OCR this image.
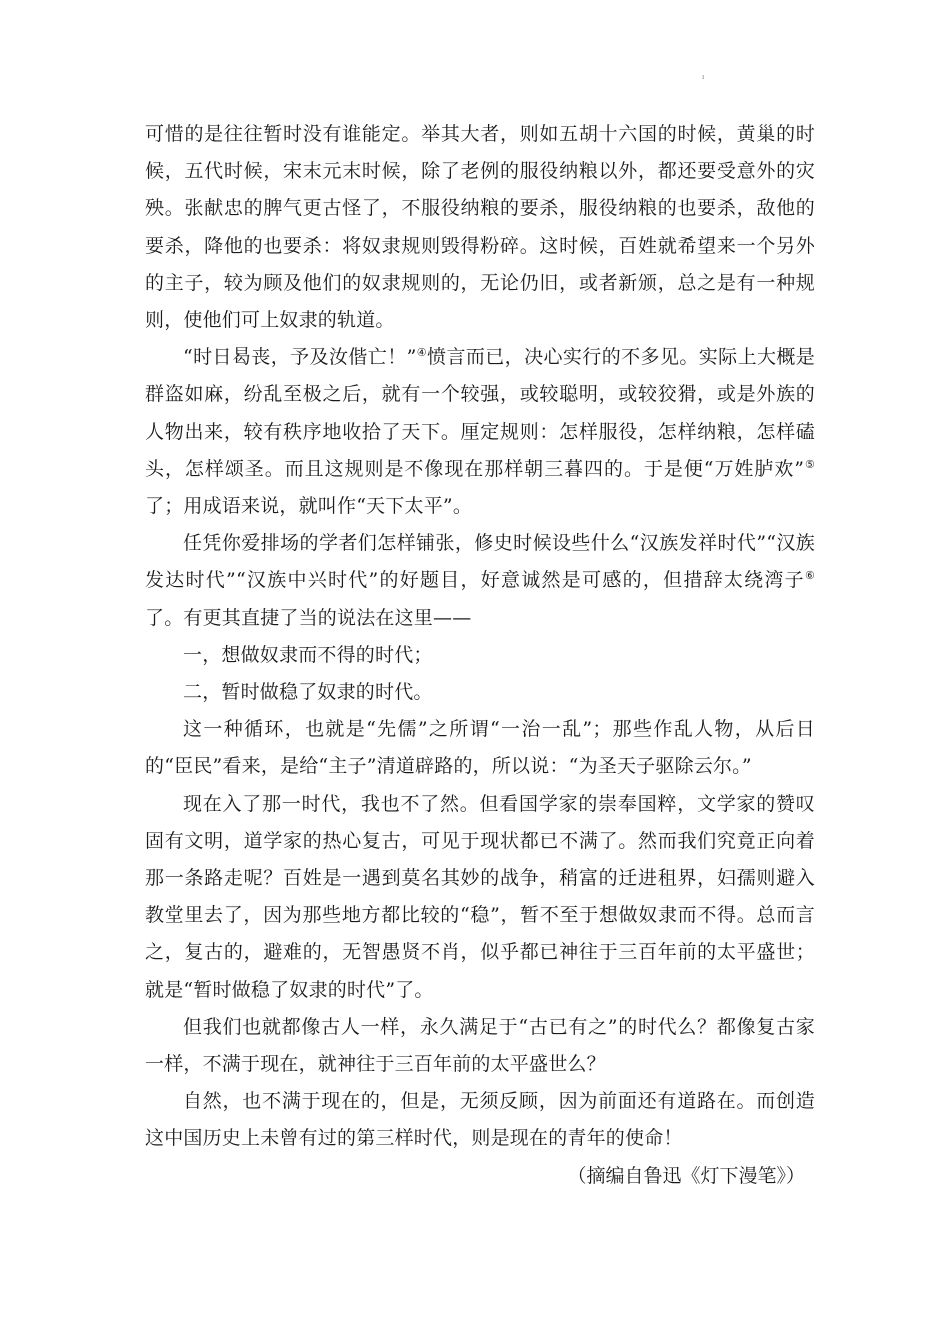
ı

可惜的是往往暂时没有谁能定。举其大者，则如五胡十六国的时候，黄巢的时候，五代时候，宋末元末时候，除了老例的服役纳粮以外，都还要受意外的灾殃。张献忠的脾气更古怪了，不服役纳粮的要杀，服役纳粮的也要杀，敌他的要杀，降他的也要杀：将奴隶规则毁得粉碎。这时候，百姓就希望来一个另外的主子，较为顾及他们的奴隶规则的，无论仍旧，或者新颁，总之是有一种规则，使他们可上奴隶的轨道。

“时日曷丧，予及汝偕亡！”④愤言而已，决心实行的不多见。实际上大概是群盗如麻，纷乱至极之后，就有一个较强，或较聪明，或较狡猾，或是外族的人物出来，较有秩序地收拾了天下。厘定规则：怎样服役，怎样纳粮，怎样磕头，怎样颂圣。而且这规则是不像现在那样朝三暮四的。于是便“万姓胪欢”⑤了；用成语来说，就叫作“天下太平”。

任凭你爱排场的学者们怎样铺张，修史时候设些什么“汉族发祥时代”“汉族发达时代”“汉族中兴时代”的好题目，好意诚然是可感的，但措辞太绕湾子⑥了。有更其直捷了当的说法在这里——

一，想做奴隶而不得的时代；

二，暂时做稳了奴隶的时代。

这一种循环，也就是“先儒”之所谓“一治一乱”；那些作乱人物，从后日的“臣民”看来，是给“主子”清道辟路的，所以说：“为圣天子驱除云尔。”

现在入了那一时代，我也不了然。但看国学家的崇奉国粹，文学家的赞叹固有文明，道学家的热心复古，可见于现状都已不满了。然而我们究竟正向着那一条路走呢？百姓是一遇到莫名其妙的战争，稍富的迁进租界，妇孺则避入教堂里去了，因为那些地方都比较的“稳”，暂不至于想做奴隶而不得。总而言之，复古的，避难的，无智愚贤不肖，似乎都已神往于三百年前的太平盛世；就是“暂时做稳了奴隶的时代”了。

但我们也就都像古人一样，永久满足于“古已有之”的时代么？都像复古家一样，不满于现在，就神往于三百年前的太平盛世么？

自然，也不满于现在的，但是，无须反顾，因为前面还有道路在。而创造这中国历史上未曾有过的第三样时代，则是现在的青年的使命！

（摘编自鲁迅《灯下漫笔》）
